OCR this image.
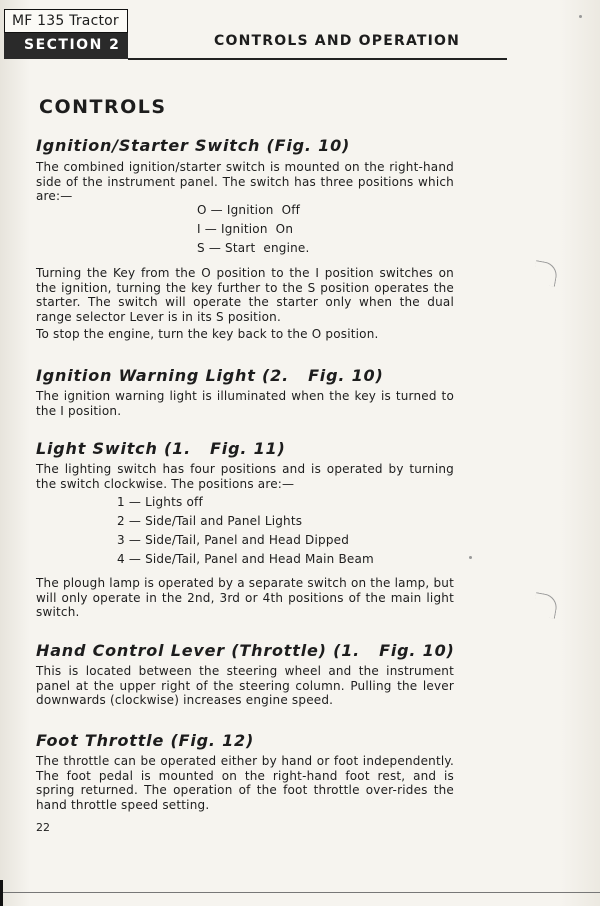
MF 135 Tractor
SECTION 2	CONTROLS AND OPERATION
CONTROLS
Ignition/Starter Switch (Fig. 10)
The combined ignition/starter switch is mounted on the right-hand side of the instrument panel. The switch has three positions which are:—
O — Ignition  Off
I — Ignition  On
S — Start  engine.
Turning the Key from the O position to the I position switches on the ignition, turning the key further to the S position operates the starter. The switch will operate the starter only when the dual range selector Lever is in its S position.
To stop the engine, turn the key back to the O position.
Ignition Warning Light (2.   Fig. 10)
The ignition warning light is illuminated when the key is turned to the I position.
Light Switch (1.   Fig. 11)
The lighting switch has four positions and is operated by turning the switch clockwise. The positions are:—
1 — Lights off
2 — Side/Tail and Panel Lights
3 — Side/Tail, Panel and Head Dipped
4 — Side/Tail, Panel and Head Main Beam
The plough lamp is operated by a separate switch on the lamp, but will only operate in the 2nd, 3rd or 4th positions of the main light switch.
Hand Control Lever (Throttle) (1.   Fig. 10)
This is located between the steering wheel and the instrument panel at the upper right of the steering column. Pulling the lever downwards (clockwise) increases engine speed.
Foot Throttle (Fig. 12)
The throttle can be operated either by hand or foot independently. The foot pedal is mounted on the right-hand foot rest, and is spring returned. The operation of the foot throttle over-rides the hand throttle speed setting.
22
